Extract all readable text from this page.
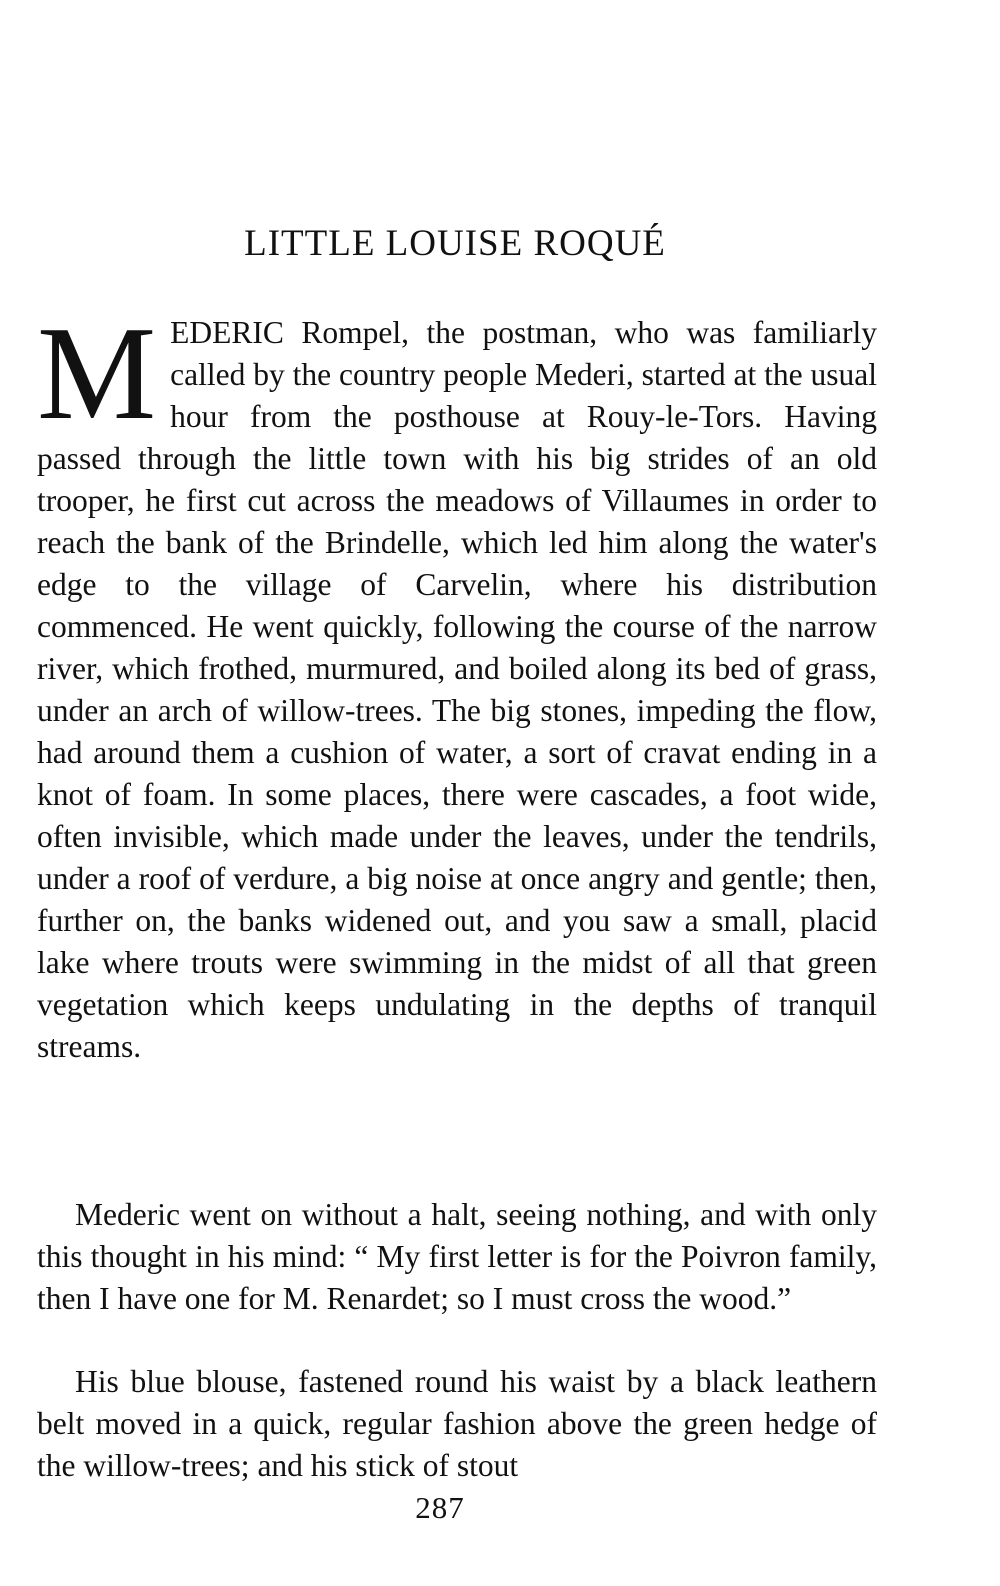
LITTLE LOUISE ROQUÉ

MEDERIC Rompel, the postman, who was familiarly called by the country people Mederi, started at the usual hour from the posthouse at Rouy-le-Tors. Having passed through the little town with his big strides of an old trooper, he first cut across the meadows of Villaumes in order to reach the bank of the Brindelle, which led him along the water's edge to the village of Carvelin, where his distribution commenced. He went quickly, following the course of the narrow river, which frothed, murmured, and boiled along its bed of grass, under an arch of willow-trees. The big stones, impeding the flow, had around them a cushion of water, a sort of cravat ending in a knot of foam. In some places, there were cascades, a foot wide, often invisible, which made under the leaves, under the tendrils, under a roof of verdure, a big noise at once angry and gentle; then, further on, the banks widened out, and you saw a small, placid lake where trouts were swimming in the midst of all that green vegetation which keeps undulating in the depths of tranquil streams.

Mederic went on without a halt, seeing nothing, and with only this thought in his mind: “ My first letter is for the Poivron family, then I have one for M. Renardet; so I must cross the wood.”

His blue blouse, fastened round his waist by a black leathern belt moved in a quick, regular fashion above the green hedge of the willow-trees; and his stick of stout

287
